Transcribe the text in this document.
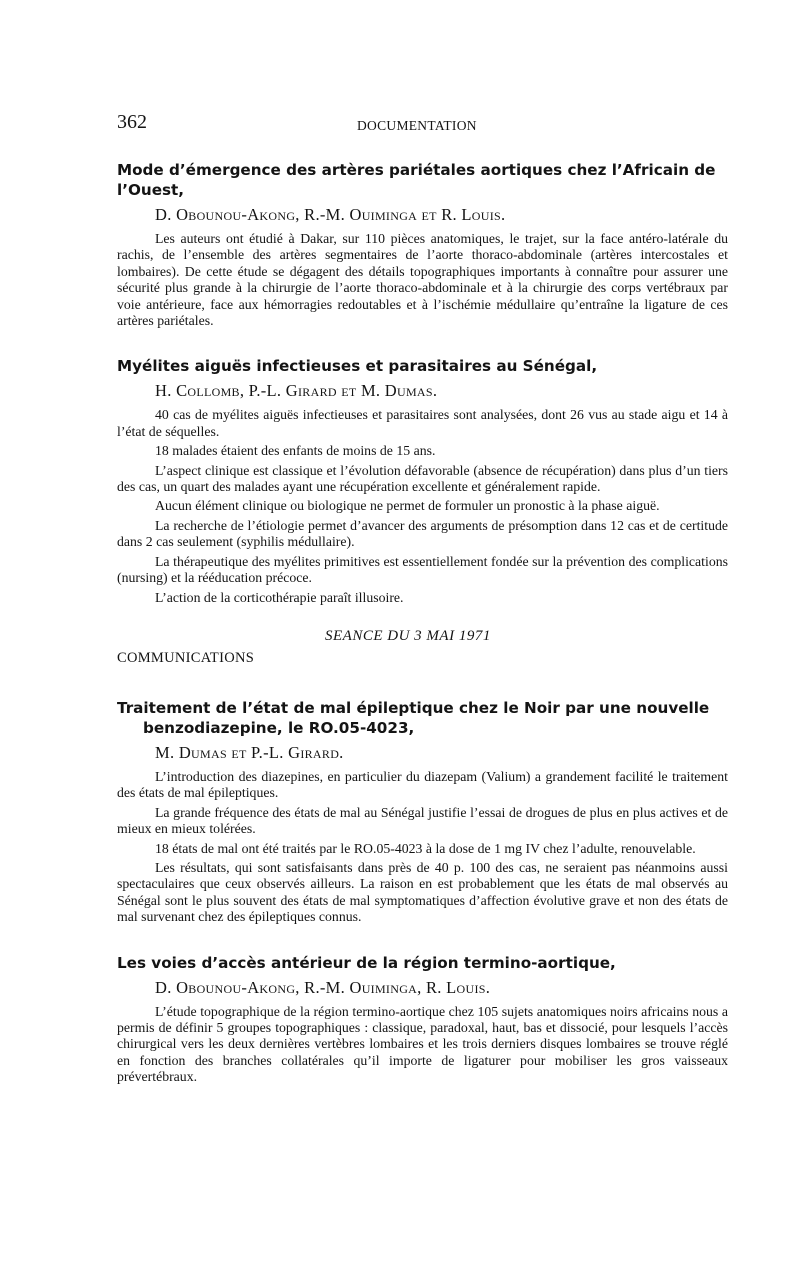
362	DOCUMENTATION
Mode d’émergence des artères pariétales aortiques chez l’Africain de
l’Ouest,
D. Obounou-Akong, R.-M. Ouiminga et R. Louis.

Les auteurs ont étudié à Dakar, sur 110 pièces anatomiques, le trajet, sur la face antéro-latérale du rachis, de l’ensemble des artères segmentaires de l’aorte thoraco-abdominale (artères intercostales et lombaires). De cette étude se dégagent des détails topographiques importants à connaître pour assurer une sécurité plus grande à la chirurgie de l’aorte thoraco-abdominale et à la chirurgie des corps vertébraux par voie antérieure, face aux hémorragies redoutables et à l’ischémie médullaire qu’entraîne la ligature de ces artères pariétales.

Myélites aiguës infectieuses et parasitaires au Sénégal,
H. Collomb, P.-L. Girard et M. Dumas.

40 cas de myélites aiguës infectieuses et parasitaires sont analysées, dont 26 vus au stade aigu et 14 à l’état de séquelles.

18 malades étaient des enfants de moins de 15 ans.

L’aspect clinique est classique et l’évolution défavorable (absence de récupération) dans plus d’un tiers des cas, un quart des malades ayant une récupération excellente et généralement rapide.

Aucun élément clinique ou biologique ne permet de formuler un pronostic à la phase aiguë.

La recherche de l’étiologie permet d’avancer des arguments de présomption dans 12 cas et de certitude dans 2 cas seulement (syphilis médullaire).

La thérapeutique des myélites primitives est essentiellement fondée sur la prévention des complications (nursing) et la rééducation précoce.

L’action de la corticothérapie paraît illusoire.

SEANCE DU 3 MAI 1971
COMMUNICATIONS
Traitement de l’état de mal épileptique chez le Noir par une nouvelle
benzodiazepine, le RO.05-4023,
M. Dumas et P.-L. Girard.

L’introduction des diazepines, en particulier du diazepam (Valium) a grandement facilité le traitement des états de mal épileptiques.

La grande fréquence des états de mal au Sénégal justifie l’essai de drogues de plus en plus actives et de mieux en mieux tolérées.

18 états de mal ont été traités par le RO.05-4023 à la dose de 1 mg IV chez l’adulte, renouvelable.

Les résultats, qui sont satisfaisants dans près de 40 p. 100 des cas, ne seraient pas néanmoins aussi spectaculaires que ceux observés ailleurs. La raison en est probablement que les états de mal observés au Sénégal sont le plus souvent des états de mal symptomatiques d’affection évolutive grave et non des états de mal survenant chez des épileptiques connus.

Les voies d’accès antérieur de la région termino-aortique,
D. Obounou-Akong, R.-M. Ouiminga, R. Louis.

L’étude topographique de la région termino-aortique chez 105 sujets anatomiques noirs africains nous a permis de définir 5 groupes topographiques : classique, paradoxal, haut, bas et dissocié, pour lesquels l’accès chirurgical vers les deux dernières vertèbres lombaires et les trois derniers disques lombaires se trouve réglé en fonction des branches collatérales qu’il importe de ligaturer pour mobiliser les gros vaisseaux prévertébraux.
